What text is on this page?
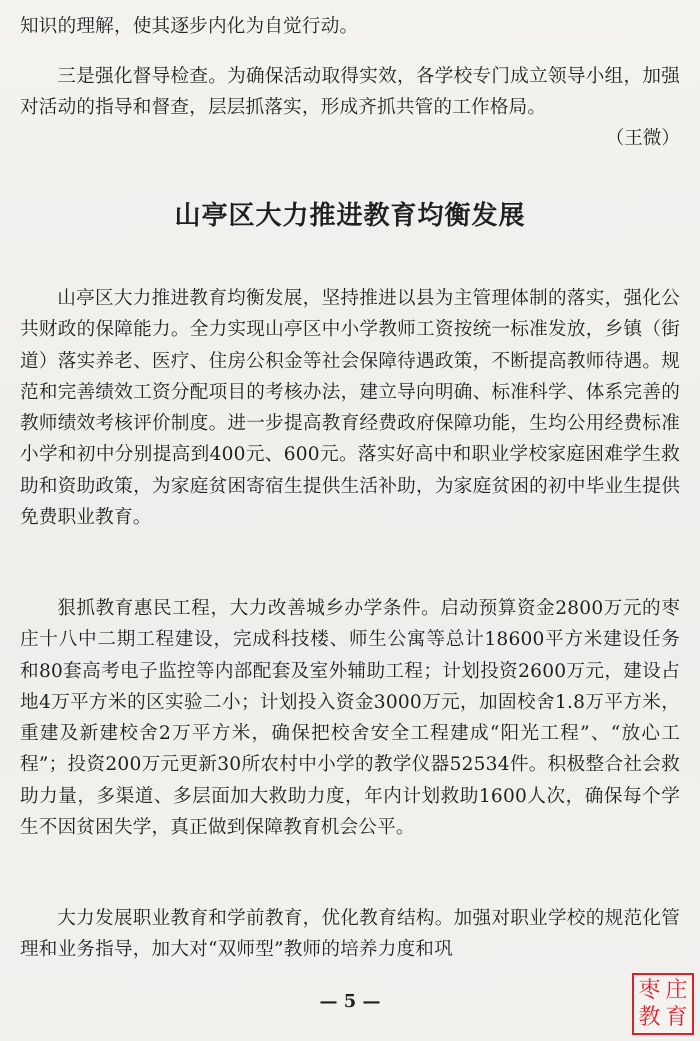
知识的理解，使其逐步内化为自觉行动。

三是强化督导检查。为确保活动取得实效，各学校专门成立领导小组，加强对活动的指导和督查，层层抓落实，形成齐抓共管的工作格局。

（王微）
山亭区大力推进教育均衡发展

山亭区大力推进教育均衡发展，坚持推进以县为主管理体制的落实，强化公共财政的保障能力。全力实现山亭区中小学教师工资按统一标准发放，乡镇（街道）落实养老、医疗、住房公积金等社会保障待遇政策，不断提高教师待遇。规范和完善绩效工资分配项目的考核办法，建立导向明确、标准科学、体系完善的教师绩效考核评价制度。进一步提高教育经费政府保障功能，生均公用经费标准小学和初中分别提高到400元、600元。落实好高中和职业学校家庭困难学生救助和资助政策，为家庭贫困寄宿生提供生活补助，为家庭贫困的初中毕业生提供免费职业教育。

狠抓教育惠民工程，大力改善城乡办学条件。启动预算资金2800万元的枣庄十八中二期工程建设，完成科技楼、师生公寓等总计18600平方米建设任务和80套高考电子监控等内部配套及室外辅助工程；计划投资2600万元，建设占地4万平方米的区实验二小；计划投入资金3000万元，加固校舍1.8万平方米，重建及新建校舍2万平方米，确保把校舍安全工程建成“阳光工程”、“放心工程”；投资200万元更新30所农村中小学的教学仪器52534件。积极整合社会救助力量，多渠道、多层面加大救助力度，年内计划救助1600人次，确保每个学生不因贫困失学，真正做到保障教育机会公平。

大力发展职业教育和学前教育，优化教育结构。加强对职业学校的规范化管理和业务指导，加大对“双师型”教师的培养力度和巩

— 5 —	枣 庄
教 育
